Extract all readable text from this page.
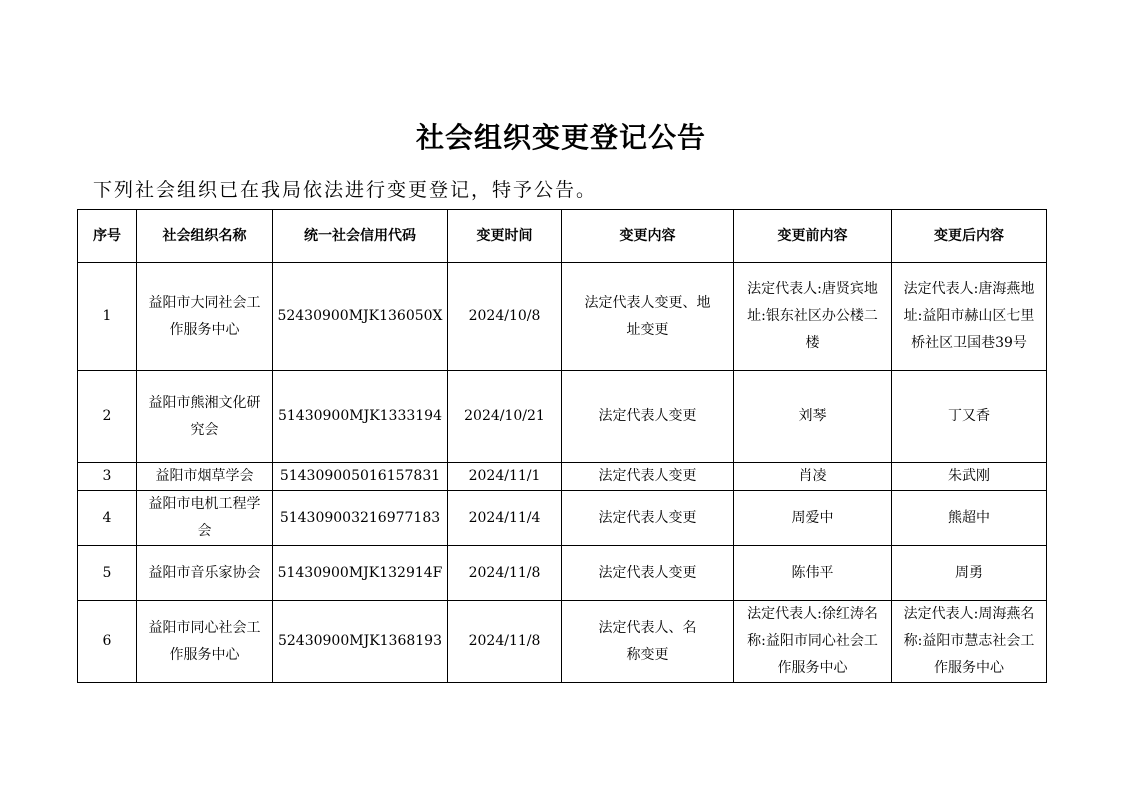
社会组织变更登记公告
下列社会组织已在我局依法进行变更登记，特予公告。
序号	社会组织名称	统一社会信用代码	变更时间	变更内容	变更前内容	变更后内容
1	益阳市大同社会工作服务中心	52430900MJK136050X	2024/10/8	法定代表人变更、地址变更	法定代表人:唐贤宾地址:银东社区办公楼二楼	法定代表人:唐海燕地址:益阳市赫山区七里桥社区卫国巷39号
2	益阳市熊湘文化研究会	51430900MJK1333194	2024/10/21	法定代表人变更	刘琴	丁又香
3	益阳市烟草学会	514309005016157831	2024/11/1	法定代表人变更	肖凌	朱武刚
4	益阳市电机工程学会	514309003216977183	2024/11/4	法定代表人变更	周爱中	熊超中
5	益阳市音乐家协会	51430900MJK132914F	2024/11/8	法定代表人变更	陈伟平	周勇
6	益阳市同心社会工作服务中心	52430900MJK1368193	2024/11/8	法定代表人、名称变更	法定代表人:徐红涛名称:益阳市同心社会工作服务中心	法定代表人:周海燕名称:益阳市慧志社会工作服务中心
